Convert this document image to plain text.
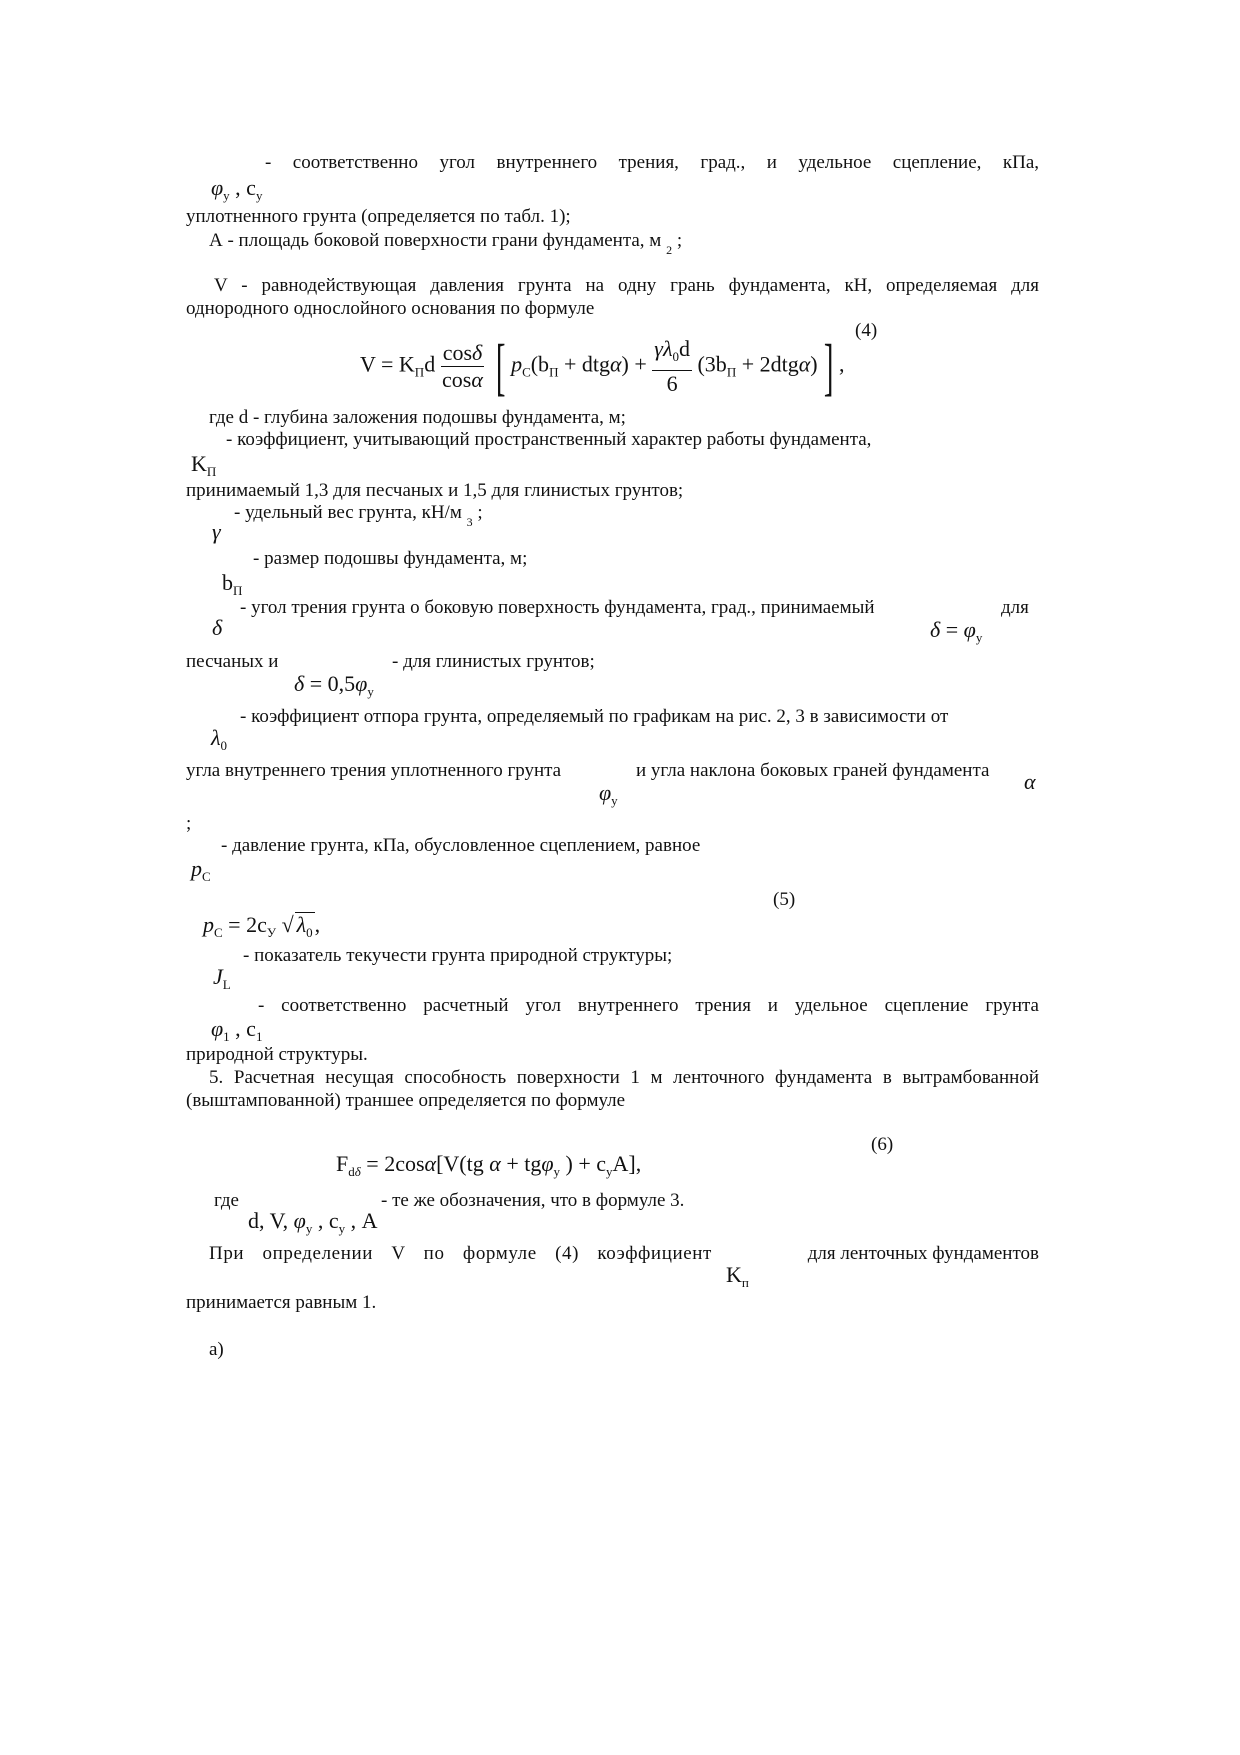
- соответственно угол внутреннего трения, град., и удельное сцепление, кПа,
$\varphi_у$ , $c_у$
уплотненного грунта (определяется по табл. 1);
А - площадь боковой поверхности грани фундамента, м $_2$ ;
V - равнодействующая давления грунта на одну грань фундамента, кН, определяемая для
однородного однослойного основания по формуле
(4)
$V = K_Пd \frac{\cos\delta}{\cos\alpha}$ [ $p_С(b_П + dtg\alpha) + \frac{\gamma\lambda_0d}{6} (3b_П + 2dtg\alpha)$] ,
где d - глубина заложения подошвы фундамента, м;
- коэффициент, учитывающий пространственный характер работы фундамента,
$K_П$
принимаемый 1,3 для песчаных и 1,5 для глинистых грунтов;
- удельный вес грунта, кН/м $_3$ ;
γ
- размер подошвы фундамента, м;
$b_П$
- угол трения грунта о боковую поверхность фундамента, град., принимаемый	для
δ	$\delta = \varphi_у$
песчаных и	- для глинистых грунтов;
$\delta = 0,5\varphi_у$
- коэффициент отпора грунта, определяемый по графикам на рис. 2, 3 в зависимости от
$\lambda_0$
угла внутреннего трения уплотненного грунта	и угла наклона боковых граней фундамента
$\varphi_у$
α
;
- давление грунта, кПа, обусловленное сцеплением, равное
$p_С$
(5)
$p_С = 2c_У$ √ $\lambda_0$,
- показатель текучести грунта природной структуры;
$J_L$
- соответственно расчетный угол внутреннего трения и удельное сцепление грунта
$\varphi_1$ , $c_1$
природной структуры.
5. Расчетная несущая способность поверхности 1 м ленточного фундамента в вытрамбованной
(выштампованной) траншее определяется по формуле
(6)
$F_{d\delta} = 2\cos\alpha[V(tg$ α + tgφ$_у$ ) + $c_уA$],
где	- те же обозначения, что в формуле 3.
d, V, $\varphi_у$ , $c_у$ , A
При определении V по формуле (4) коэффициент	для ленточных фундаментов
$K_п$
принимается равным 1.
а)
